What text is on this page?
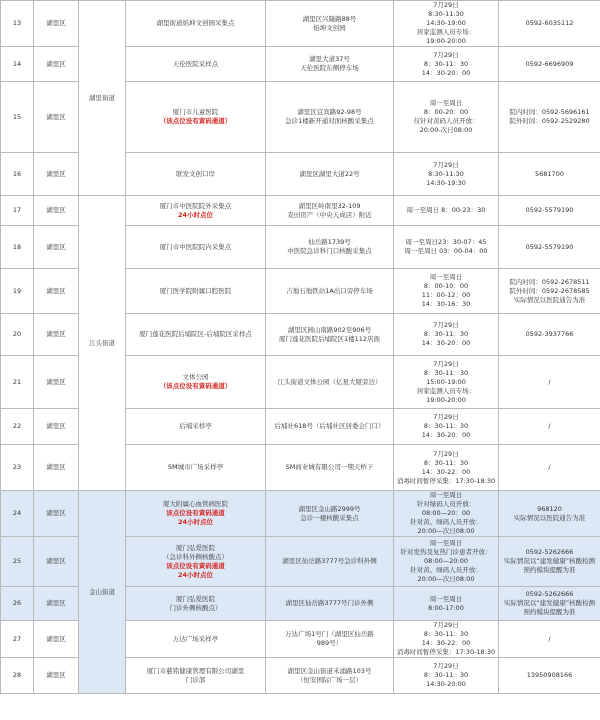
13	湖里区	湖里街道	湖里街道焰坤文创园采集点	湖里区兴隆路88号
焰坤文创园	7月29日
8:30-11:30
14:30-19:00
居家监测人员专场：
19:00-20:00	0592-6035112

14	湖里区		天伦医院采样点	湖里大道37号
天伦医院东侧停车场	7月29日
8：30-11：30
14：30-20：00	0592-6696909

15	湖里区		厦门市儿童医院
（该点位设有黄码通道）	湖里区宜宾路92-98号
急诊1楼新开通对面核酸采集点	周一至周日
8：00-20：00
仅针对黄码人员开放：
20:00-次日08:00	院内时间：0592-5696161
院外时间：0592-2529280

16	湖里区		联发文创口岸	湖里区湖里大道22号	7月29日
8:30-11:30
14:30-19:30	5681700

17	湖里区	江头街道	厦门市中医院院外采集点
24小时点位	湖里区岭南里32-109
麦田房产（中央天成店）附近	周一至周日 8：00-23：30	0592-5579190

18	湖里区		厦门市中医院院内采集点	仙岳路1739号
中医院急诊科门口核酸采集点	周一至周日23：30-07：45
周一至周日 03：00-04：00	0592-5579190

19	湖里区		厦门医学院附属口腔医院	吉地石地铁站1A出口旁停车场	周一至周日
8：00-10：00
11：00-12：00
14：30-16：30	院内时间：0592-2678511
院外时间：0592-2678585
实际情况以医院通告为准

20	湖里区		厦门莲花医院后埔院区-后埔院区采样点	湖里区园山南路902至906号
厦门莲花医院后埔院区1楼112店面	7月29日
8：30-11：30
14：30-20：00	0592-3937766

21	湖里区		文体公园
（该点位设有黄码通道）	江头街道文体公园（亿星大厦旁边）	7月29日
8：30-11：30
15:00-19:00
居家监测人员专场：
19:00-20:00	/

22	湖里区		后埔采样亭	后埔社618号（后埔社区居委会门口）	7月29日
8：30-11：30
14：30-20：00	/

23	湖里区		SM城市广场采样亭	SM商业城有限公司一期天桥下	7月29日
8：30-11：30
14：30-22：00
消毒时间暂停采集：17:30-18:30	/

24	湖里区	金山街道	厦大附属心血管病医院
该点位设有黄码通道
24小时点位	湖里区金山路2999号
急诊一楼核酸采集点	周一至周日
针对绿码人员开放：
08:00—20：00
针对黄、绿码人员开放：
20:00—次日08:00	968120
实际情况以医院通告为准

25	湖里区		厦门弘爱医院
（急诊科外侧核酸点）
该点位设有黄码通道
24小时点位	湖里区仙岳路3777号急诊科外侧	周一至周日
针对发热及复热门诊患者开放：
08:00—20:00
针对黄、绿码人员开放：
20:00—次日08:00	0592-5262666
实际情况以“建发健康”核酸检测
预约模块提醒为准

26	湖里区		厦门弘爱医院
门诊外侧核酸点）	湖里区仙岳路3777号门诊外侧	周一至周日
8:00-17:00	0592-5262666
实际情况以“建发健康”核酸检测
预约模块提醒为准

27	湖里区		万达广场采样亭	万达广场1号门（湖里区仙岳路
989号）	7月29日
8：30-11：30
14：30-22：00
消毒时间暂停采集：17:30-18:30	/

28	湖里区		厦门市慈铭健康管理有限公司湖里
门诊部	湖里区金山街道禾涌路103号
（恒安国际广场一层）	7月29日
8：30-11：30
14:30-20:00	13950908166
